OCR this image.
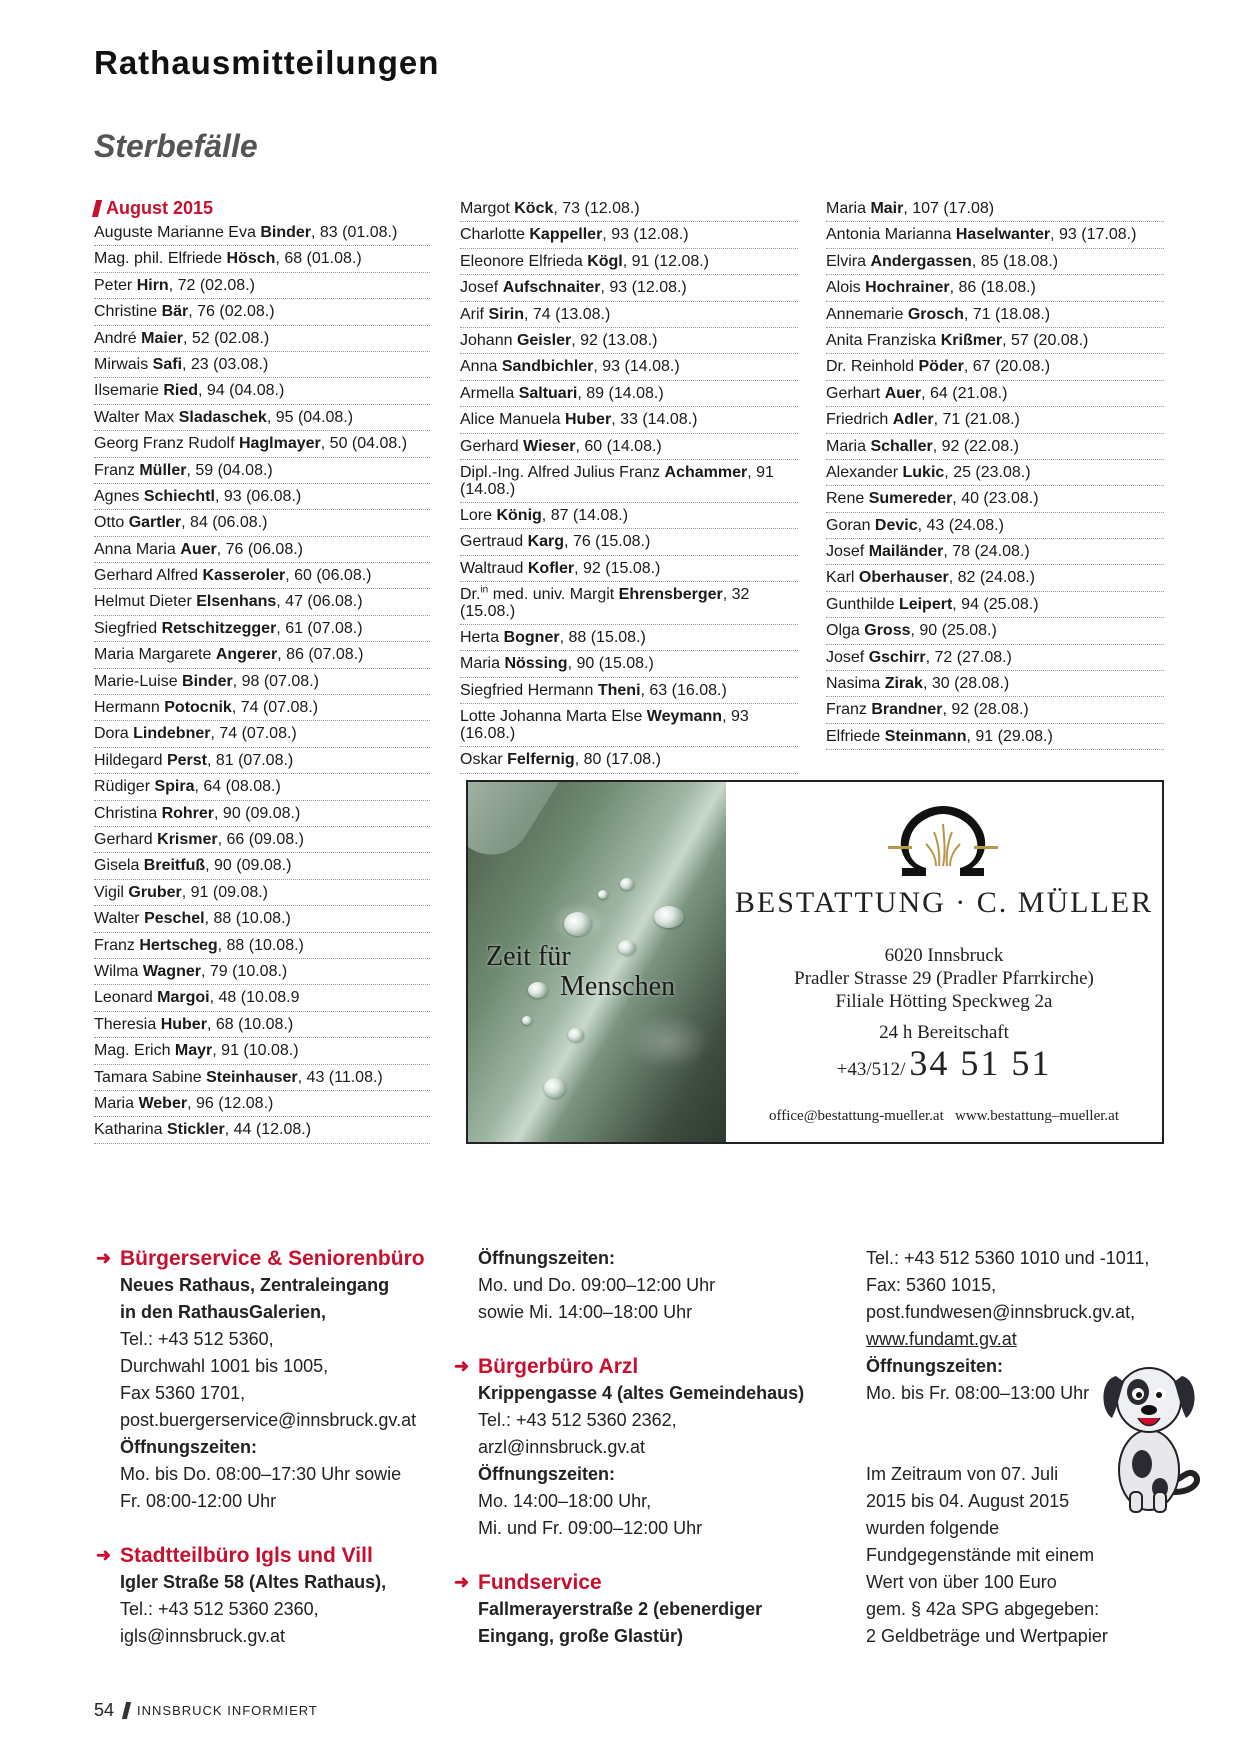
Rathausmitteilungen
Sterbefälle
August 2015
Auguste Marianne Eva Binder, 83 (01.08.)
Mag. phil. Elfriede Hösch, 68 (01.08.)
Peter Hirn, 72 (02.08.)
Christine Bär, 76 (02.08.)
André Maier, 52 (02.08.)
Mirwais Safi, 23 (03.08.)
Ilsemarie Ried, 94 (04.08.)
Walter Max Sladaschek, 95 (04.08.)
Georg Franz Rudolf Haglmayer, 50 (04.08.)
Franz Müller, 59 (04.08.)
Agnes Schiechtl, 93 (06.08.)
Otto Gartler, 84 (06.08.)
Anna Maria Auer, 76 (06.08.)
Gerhard Alfred Kasseroler, 60 (06.08.)
Helmut Dieter Elsenhans, 47 (06.08.)
Siegfried Retschitzegger, 61 (07.08.)
Maria Margarete Angerer, 86 (07.08.)
Marie-Luise Binder, 98 (07.08.)
Hermann Potocnik, 74 (07.08.)
Dora Lindebner, 74 (07.08.)
Hildegard Perst, 81 (07.08.)
Rüdiger Spira, 64 (08.08.)
Christina Rohrer, 90 (09.08.)
Gerhard Krismer, 66 (09.08.)
Gisela Breitfuß, 90 (09.08.)
Vigil Gruber, 91 (09.08.)
Walter Peschel, 88 (10.08.)
Franz Hertscheg, 88 (10.08.)
Wilma Wagner, 79 (10.08.)
Leonard Margoi, 48 (10.08.9
Theresia Huber, 68 (10.08.)
Mag. Erich Mayr, 91 (10.08.)
Tamara Sabine Steinhauser, 43 (11.08.)
Maria Weber, 96 (12.08.)
Katharina Stickler, 44 (12.08.)
Margot Köck, 73 (12.08.)
Charlotte Kappeller, 93 (12.08.)
Eleonore Elfrieda Kögl, 91 (12.08.)
Josef Aufschnaiter, 93 (12.08.)
Arif Sirin, 74 (13.08.)
Johann Geisler, 92 (13.08.)
Anna Sandbichler, 93 (14.08.)
Armella Saltuari, 89 (14.08.)
Alice Manuela Huber, 33 (14.08.)
Gerhard Wieser, 60 (14.08.)
Dipl.-Ing. Alfred Julius Franz Achammer, 91 (14.08.)
Lore König, 87 (14.08.)
Gertraud Karg, 76 (15.08.)
Waltraud Kofler, 92 (15.08.)
Dr.$^{in}$ med. univ. Margit Ehrensberger, 32 (15.08.)
Herta Bogner, 88 (15.08.)
Maria Nössing, 90 (15.08.)
Siegfried Hermann Theni, 63 (16.08.)
Lotte Johanna Marta Else Weymann, 93 (16.08.)
Oskar Felfernig, 80 (17.08.)
Maria Mair, 107 (17.08)
Antonia Marianna Haselwanter, 93 (17.08.)
Elvira Andergassen, 85 (18.08.)
Alois Hochrainer, 86 (18.08.)
Annemarie Grosch, 71 (18.08.)
Anita Franziska Krißmer, 57 (20.08.)
Dr. Reinhold Pöder, 67 (20.08.)
Gerhart Auer, 64 (21.08.)
Friedrich Adler, 71 (21.08.)
Maria Schaller, 92 (22.08.)
Alexander Lukic, 25 (23.08.)
Rene Sumereder, 40 (23.08.)
Goran Devic, 43 (24.08.)
Josef Mailänder, 78 (24.08.)
Karl Oberhauser, 82 (24.08.)
Gunthilde Leipert, 94 (25.08.)
Olga Gross, 90 (25.08.)
Josef Gschirr, 72 (27.08.)
Nasima Zirak, 30 (28.08.)
Franz Brandner, 92 (28.08.)
Elfriede Steinmann, 91 (29.08.)
Zeit für
Menschen
BESTATTUNG · C. MÜLLER
6020 Innsbruck
Pradler Strasse 29 (Pradler Pfarrkirche)
Filiale Hötting Speckweg 2a
24 h Bereitschaft
+43/512/ 34 51 51
office@bestattung-mueller.at   www.bestattung–mueller.at
➜ Bürgerservice & Seniorenbüro
Neues Rathaus, Zentraleingang
in den RathausGalerien,
Tel.: +43 512 5360,
Durchwahl 1001 bis 1005,
Fax 5360 1701,
post.buergerservice@innsbruck.gv.at
Öffnungszeiten:
Mo. bis Do. 08:00–17:30 Uhr sowie
Fr. 08:00-12:00 Uhr
➜ Stadtteilbüro Igls und Vill
Igler Straße 58 (Altes Rathaus),
Tel.: +43 512 5360 2360,
igls@innsbruck.gv.at
Öffnungszeiten:
Mo. und Do. 09:00–12:00 Uhr
sowie Mi. 14:00–18:00 Uhr
➜ Bürgerbüro Arzl
Krippengasse 4 (altes Gemeindehaus)
Tel.: +43 512 5360 2362,
arzl@innsbruck.gv.at
Öffnungszeiten:
Mo. 14:00–18:00 Uhr,
Mi. und Fr. 09:00–12:00 Uhr
➜ Fundservice
Fallmerayerstraße 2 (ebenerdiger
Eingang, große Glastür)
Tel.: +43 512 5360 1010 und -1011,
Fax: 5360 1015,
post.fundwesen@innsbruck.gv.at,
www.fundamt.gv.at
Öffnungszeiten:
Mo. bis Fr. 08:00–13:00 Uhr
Im Zeitraum von 07. Juli
2015 bis 04. August 2015
wurden folgende
Fundgegenstände mit einem
Wert von über 100 Euro
gem. § 42a SPG abgegeben:
2 Geldbeträge und Wertpapier
54 INNSBRUCK INFORMIERT
